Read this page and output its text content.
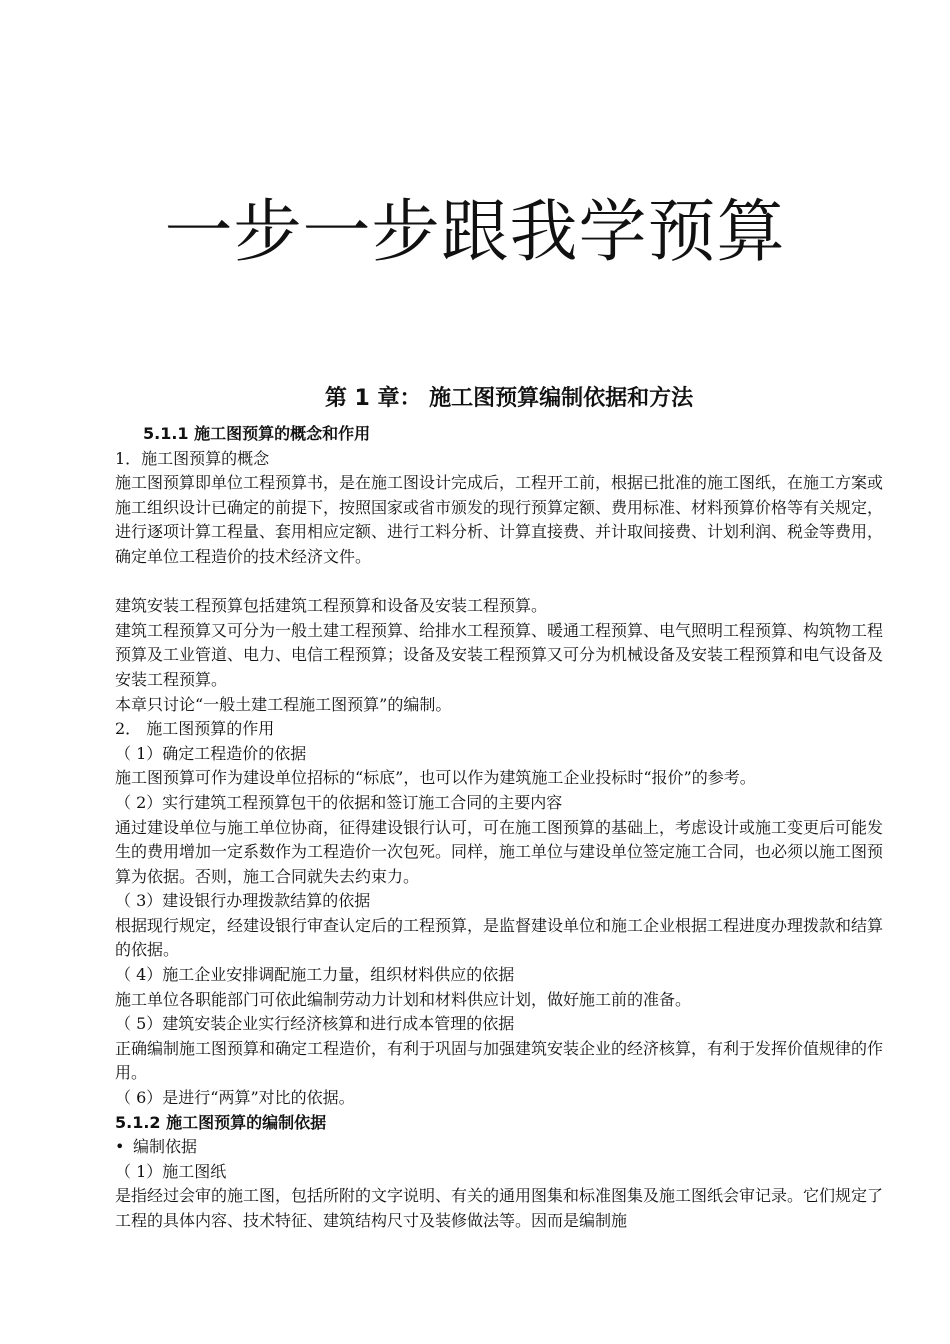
一步一步跟我学预算
第 1 章： 施工图预算编制依据和方法
5.1.1 施工图预算的概念和作用

1．施工图预算的概念

施工图预算即单位工程预算书，是在施工图设计完成后，工程开工前，根据已批准的施工图纸，在施工方案或施工组织设计已确定的前提下，按照国家或省市颁发的现行预算定额、费用标准、材料预算价格等有关规定，进行逐项计算工程量、套用相应定额、进行工料分析、计算直接费、并计取间接费、计划利润、税金等费用，确定单位工程造价的技术经济文件。

建筑安装工程预算包括建筑工程预算和设备及安装工程预算。

建筑工程预算又可分为一般土建工程预算、给排水工程预算、暖通工程预算、电气照明工程预算、构筑物工程预算及工业管道、电力、电信工程预算；设备及安装工程预算又可分为机械设备及安装工程预算和电气设备及安装工程预算。

本章只讨论“一般土建工程施工图预算”的编制。

2． 施工图预算的作用

（ 1）确定工程造价的依据

施工图预算可作为建设单位招标的“标底”，也可以作为建筑施工企业投标时“报价”的参考。

（ 2）实行建筑工程预算包干的依据和签订施工合同的主要内容

通过建设单位与施工单位协商，征得建设银行认可，可在施工图预算的基础上，考虑设计或施工变更后可能发生的费用增加一定系数作为工程造价一次包死。同样，施工单位与建设单位签定施工合同，也必须以施工图预算为依据。否则，施工合同就失去约束力。

（ 3）建设银行办理拨款结算的依据

根据现行规定，经建设银行审查认定后的工程预算，是监督建设单位和施工企业根据工程进度办理拨款和结算的依据。

（ 4）施工企业安排调配施工力量，组织材料供应的依据

施工单位各职能部门可依此编制劳动力计划和材料供应计划，做好施工前的准备。

（ 5）建筑安装企业实行经济核算和进行成本管理的依据

正确编制施工图预算和确定工程造价，有利于巩固与加强建筑安装企业的经济核算，有利于发挥价值规律的作用。

（ 6）是进行“两算”对比的依据。

5.1.2 施工图预算的编制依据

• 编制依据

（ 1）施工图纸

是指经过会审的施工图，包括所附的文字说明、有关的通用图集和标准图集及施工图纸会审记录。它们规定了工程的具体内容、技术特征、建筑结构尺寸及装修做法等。因而是编制施
